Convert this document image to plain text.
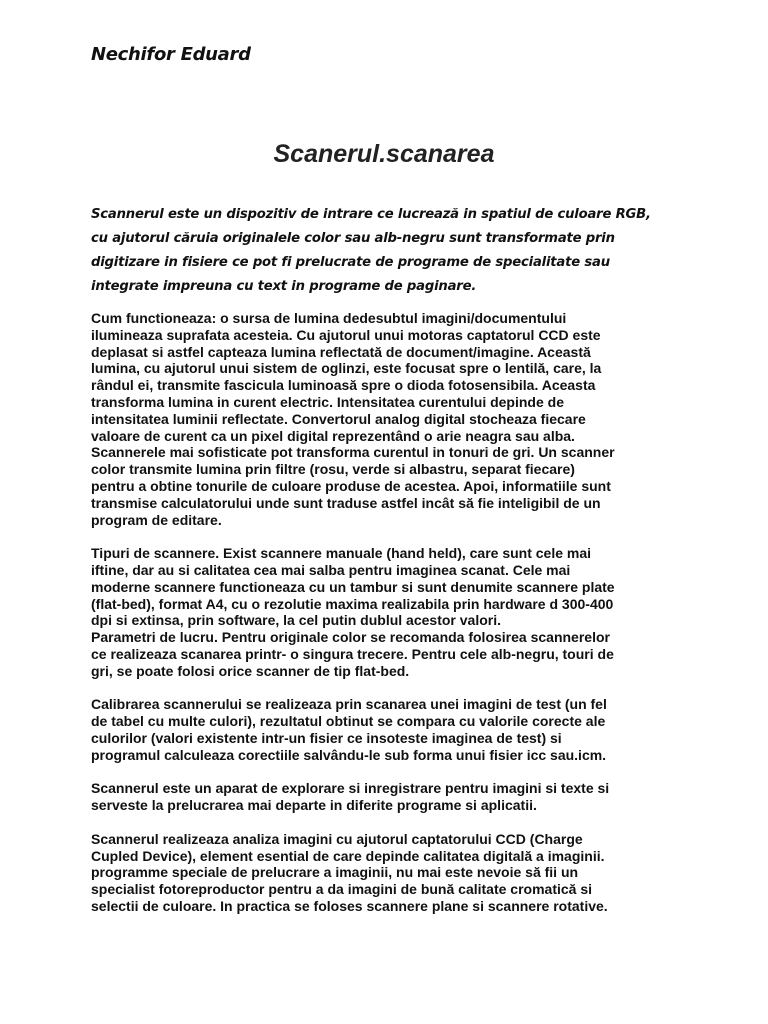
Nechifor Eduard
Scanerul.scanarea
Scannerul este un dispozitiv de intrare ce lucrează in spatiul de culoare RGB,
cu ajutorul căruia originalele color sau alb-negru sunt transformate prin
digitizare in fisiere ce pot fi prelucrate de programe de specialitate sau
integrate impreuna cu text in programe de paginare.
Cum functioneaza: o sursa de lumina dedesubtul imagini/documentului
ilumineaza suprafata acesteia. Cu ajutorul unui motoras captatorul CCD este
deplasat si astfel capteaza lumina reflectată de document/imagine. Această
lumina, cu ajutorul unui sistem de oglinzi, este focusat spre o lentilă, care, la
rândul ei, transmite fascicula luminoasă spre o dioda fotosensibila. Aceasta
transforma lumina in curent electric. Intensitatea curentului depinde de
intensitatea luminii reflectate. Convertorul analog digital stocheaza fiecare
valoare de curent ca un pixel digital reprezentând o arie neagra sau alba.
Scannerele mai sofisticate pot transforma curentul in tonuri de gri. Un scanner
color transmite lumina prin filtre (rosu, verde si albastru, separat fiecare)
pentru a obtine tonurile de culoare produse de acestea. Apoi, informatiile sunt
transmise calculatorului unde sunt traduse astfel incât să fie inteligibil de un
program de editare.
Tipuri de scannere. Exist scannere manuale (hand held), care sunt cele mai
iftine, dar au si calitatea cea mai salba pentru imaginea scanat. Cele mai
moderne scannere functioneaza cu un tambur si sunt denumite scannere plate
(flat-bed), format A4, cu o rezolutie maxima realizabila prin hardware d 300-400
dpi si extinsa, prin software, la cel putin dublul acestor valori.
Parametri de lucru. Pentru originale color se recomanda folosirea scannerelor
ce realizeaza scanarea printr- o singura trecere. Pentru cele alb-negru, touri de
gri, se poate folosi orice scanner de tip flat-bed.
Calibrarea scannerului se realizeaza prin scanarea unei imagini de test (un fel
de tabel cu multe culori), rezultatul obtinut se compara cu valorile corecte ale
culorilor (valori existente intr-un fisier ce insoteste imaginea de test) si
programul calculeaza corectiile salvându-le sub forma unui fisier icc sau.icm.
Scannerul este un aparat de explorare si inregistrare pentru imagini si texte si
serveste la prelucrarea mai departe in diferite programe si aplicatii.
Scannerul realizeaza analiza imagini cu ajutorul captatorului CCD (Charge
Cupled Device), element esential de care depinde calitatea digitală a imaginii.
programme speciale de prelucrare a imaginii, nu mai este nevoie să fii un
specialist fotoreproductor pentru a da imagini de bună calitate cromatică si
selectii de culoare. In practica se foloses scannere plane si scannere rotative.
